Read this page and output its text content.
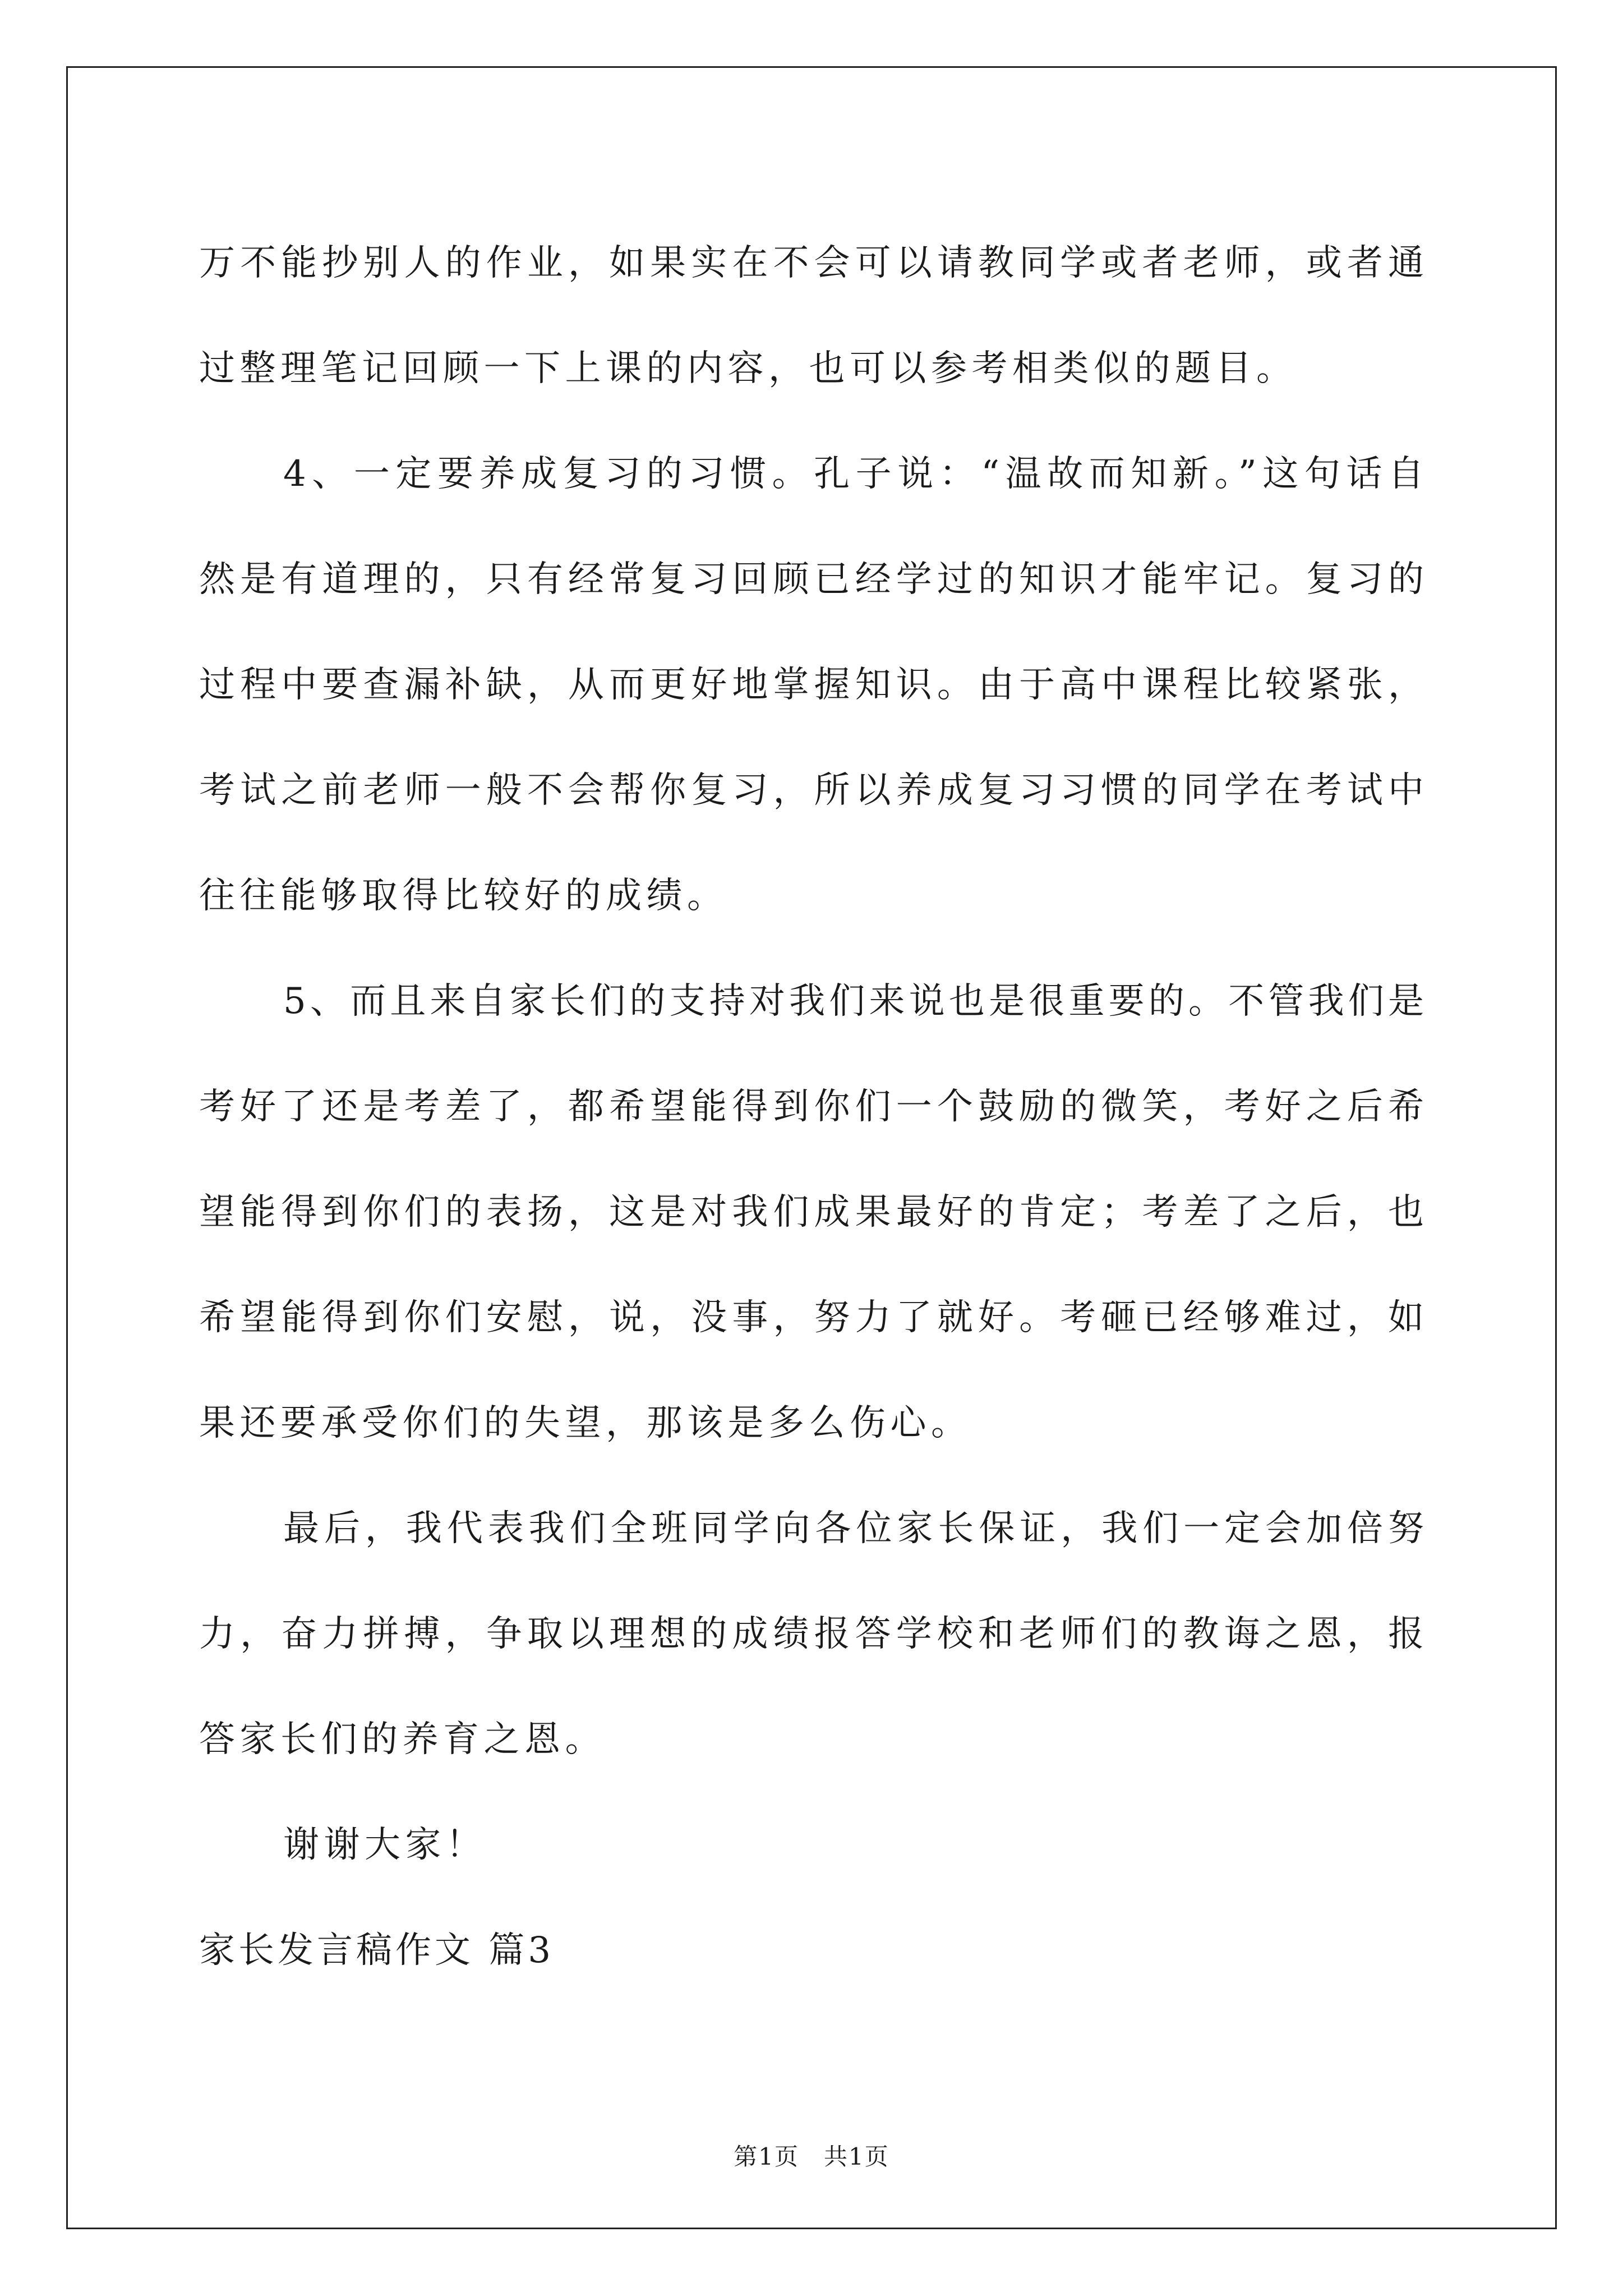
万不能抄别人的作业，如果实在不会可以请教同学或者老师，或者通
过整理笔记回顾一下上课的内容，也可以参考相类似的题目。
4、一定要养成复习的习惯。孔子说：“温故而知新。”这句话自
然是有道理的，只有经常复习回顾已经学过的知识才能牢记。复习的
过程中要查漏补缺，从而更好地掌握知识。由于高中课程比较紧张，
考试之前老师一般不会帮你复习，所以养成复习习惯的同学在考试中
往往能够取得比较好的成绩。
5、而且来自家长们的支持对我们来说也是很重要的。不管我们是
考好了还是考差了，都希望能得到你们一个鼓励的微笑，考好之后希
望能得到你们的表扬，这是对我们成果最好的肯定；考差了之后，也
希望能得到你们安慰，说，没事，努力了就好。考砸已经够难过，如
果还要承受你们的失望，那该是多么伤心。
最后，我代表我们全班同学向各位家长保证，我们一定会加倍努
力，奋力拼搏，争取以理想的成绩报答学校和老师们的教诲之恩，报
答家长们的养育之恩。
谢谢大家！
家长发言稿作文 篇3
第1页　共1页
